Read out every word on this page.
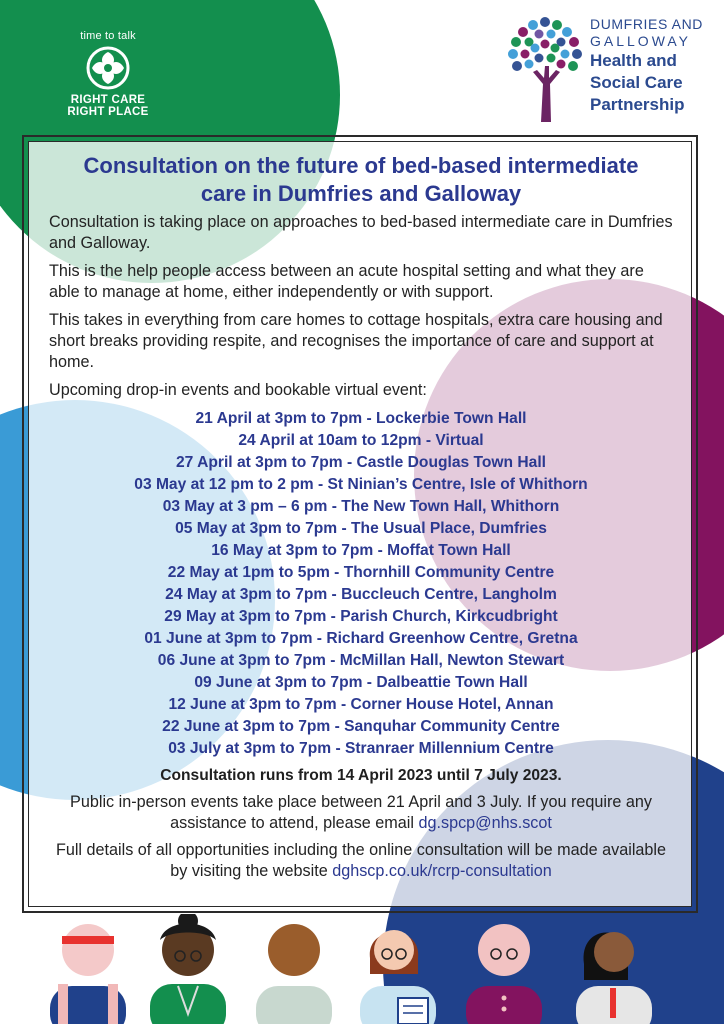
time to talk
RIGHT CARE
RIGHT PLACE
DUMFRIES AND
GALLOWAY
Health and
Social Care
Partnership
Consultation on the future of bed-based intermediate
care in Dumfries and Galloway

Consultation is taking place on approaches to bed-based intermediate care in Dumfries and Galloway.

This is the help people access between an acute hospital setting and what they are able to manage at home, either independently or with support.

This takes in everything from care homes to cottage hospitals, extra care housing and short breaks providing respite, and recognises the importance of care and support at home.

Upcoming drop-in events and bookable virtual event:

21 April at 3pm to 7pm - Lockerbie Town Hall
24 April at 10am to 12pm - Virtual
27 April at 3pm to 7pm - Castle Douglas Town Hall
03 May at 12 pm to 2 pm - St Ninian’s Centre, Isle of Whithorn
03 May at 3 pm – 6 pm - The New Town Hall, Whithorn
05 May at 3pm to 7pm - The Usual Place, Dumfries
16 May at 3pm to 7pm - Moffat Town Hall
22 May at 1pm to 5pm - Thornhill Community Centre
24 May at 3pm to 7pm - Buccleuch Centre, Langholm
29 May at 3pm to 7pm - Parish Church, Kirkcudbright
01 June at 3pm to 7pm - Richard Greenhow Centre, Gretna
06 June at 3pm to 7pm - McMillan Hall, Newton Stewart
09 June at 3pm to 7pm - Dalbeattie Town Hall
12 June at 3pm to 7pm - Corner House Hotel, Annan
22 June at 3pm to 7pm - Sanquhar Community Centre
03 July at 3pm to 7pm - Stranraer Millennium Centre

Consultation runs from 14 April 2023 until 7 July 2023.

Public in-person events take place between 21 April and 3 July. If you require any assistance to attend, please email dg.spcp@nhs.scot

Full details of all opportunities including the online consultation will be made available by visiting the website dghscp.co.uk/rcrp-consultation
